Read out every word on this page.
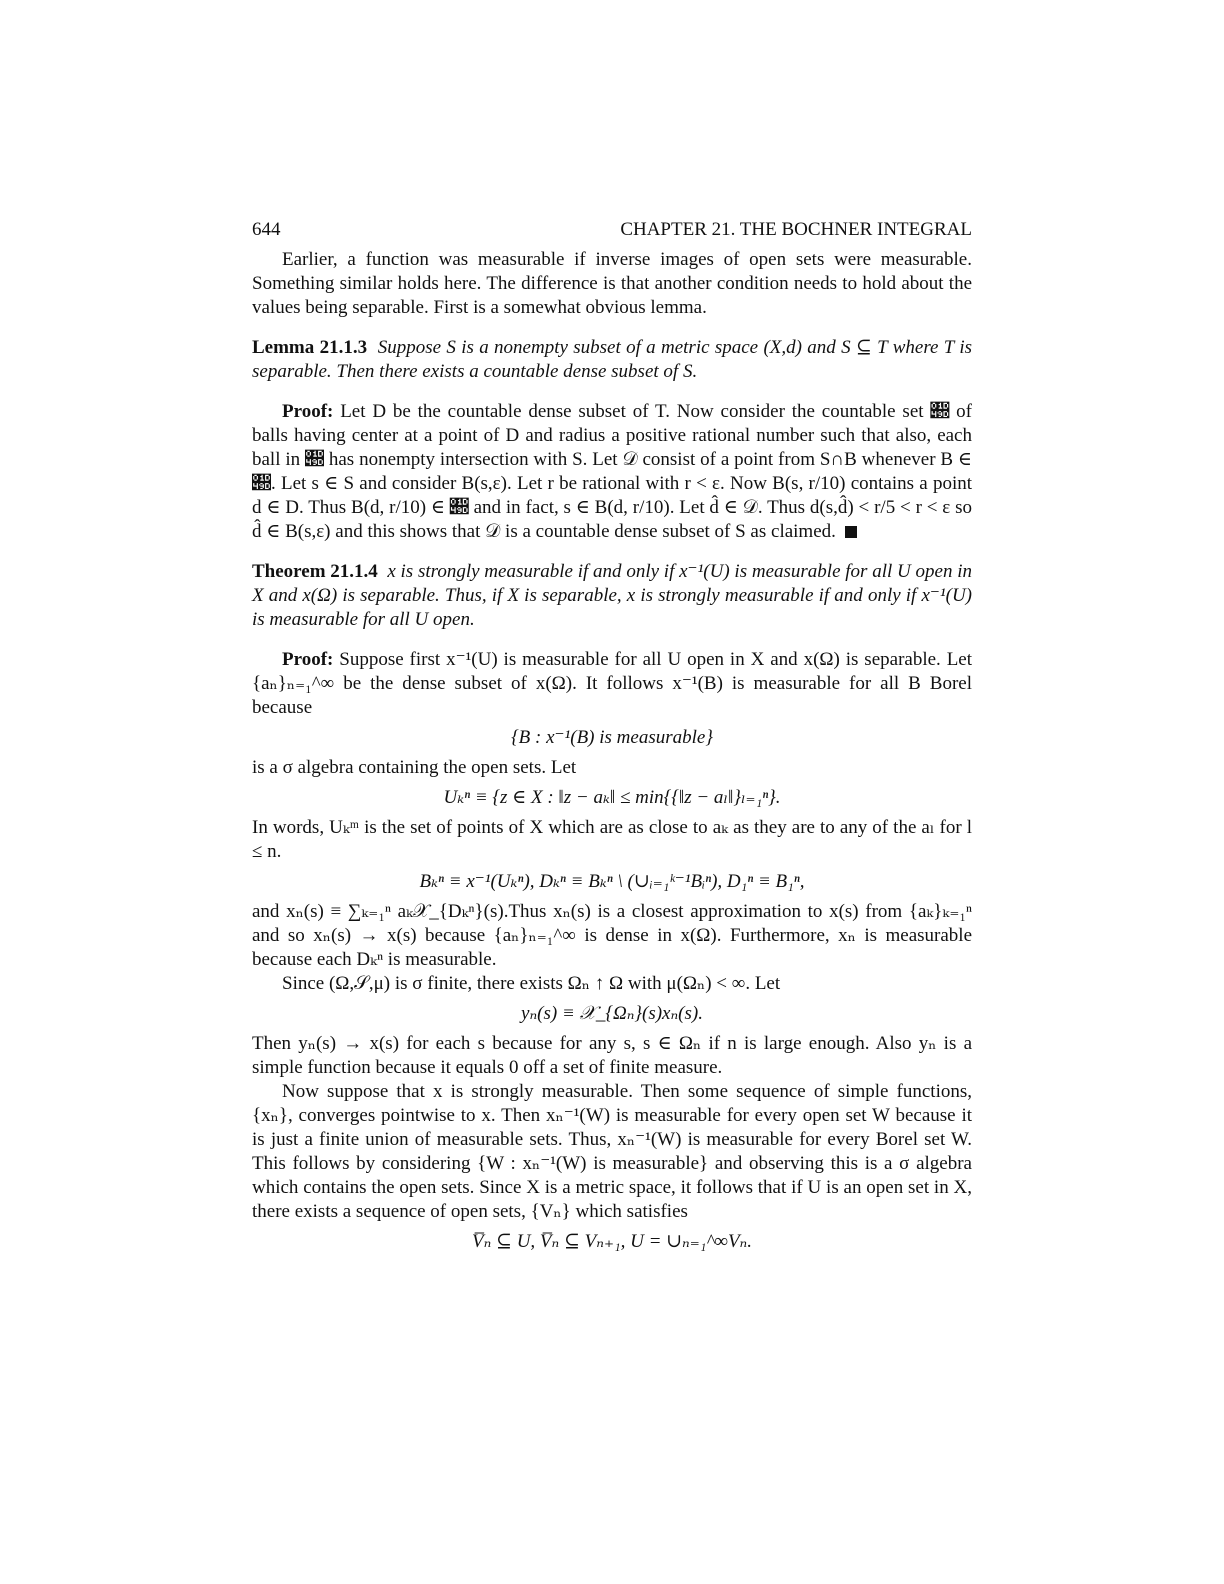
644	CHAPTER 21. THE BOCHNER INTEGRAL

Earlier, a function was measurable if inverse images of open sets were measurable. Something similar holds here. The difference is that another condition needs to hold about the values being separable. First is a somewhat obvious lemma.

Lemma 21.1.3 Suppose S is a nonempty subset of a metric space (X,d) and S ⊆ T where T is separable. Then there exists a countable dense subset of S.

Proof: Let D be the countable dense subset of T. Now consider the countable set 𝒝 of balls having center at a point of D and radius a positive rational number such that also, each ball in 𝒝 has nonempty intersection with S. Let 𝒟 consist of a point from S∩B whenever B ∈ 𝒝. Let s ∈ S and consider B(s,ε). Let r be rational with r < ε. Now B(s, r/10) contains a point d ∈ D. Thus B(d, r/10) ∈ 𝒝 and in fact, s ∈ B(d, r/10). Let d̂ ∈ 𝒟. Thus d(s,d̂) < r/5 < r < ε so d̂ ∈ B(s,ε) and this shows that 𝒟 is a countable dense subset of S as claimed.

Theorem 21.1.4 x is strongly measurable if and only if x⁻¹(U) is measurable for all U open in X and x(Ω) is separable. Thus, if X is separable, x is strongly measurable if and only if x⁻¹(U) is measurable for all U open.

Proof: Suppose first x⁻¹(U) is measurable for all U open in X and x(Ω) is separable. Let {aₙ}ₙ₌₁^∞ be the dense subset of x(Ω). It follows x⁻¹(B) is measurable for all B Borel because

{B : x⁻¹(B) is measurable}

is a σ algebra containing the open sets. Let

Uₖⁿ ≡ {z ∈ X : ‖z − aₖ‖ ≤ min{{‖z − aₗ‖}ₗ₌₁ⁿ}.

In words, Uₖᵐ is the set of points of X which are as close to aₖ as they are to any of the aₗ for l ≤ n.

Bₖⁿ ≡ x⁻¹(Uₖⁿ), Dₖⁿ ≡ Bₖⁿ \ (∪ᵢ₌₁ᵏ⁻¹Bᵢⁿ), D₁ⁿ ≡ B₁ⁿ,

and xₙ(s) ≡ ∑ₖ₌₁ⁿ aₖ𝒳_{Dₖⁿ}(s).Thus xₙ(s) is a closest approximation to x(s) from {aₖ}ₖ₌₁ⁿ and so xₙ(s) → x(s) because {aₙ}ₙ₌₁^∞ is dense in x(Ω). Furthermore, xₙ is measurable because each Dₖⁿ is measurable.

Since (Ω,𝒮,μ) is σ finite, there exists Ωₙ ↑ Ω with μ(Ωₙ) < ∞. Let

yₙ(s) ≡ 𝒳_{Ωₙ}(s)xₙ(s).

Then yₙ(s) → x(s) for each s because for any s, s ∈ Ωₙ if n is large enough. Also yₙ is a simple function because it equals 0 off a set of finite measure.

Now suppose that x is strongly measurable. Then some sequence of simple functions, {xₙ}, converges pointwise to x. Then xₙ⁻¹(W) is measurable for every open set W because it is just a finite union of measurable sets. Thus, xₙ⁻¹(W) is measurable for every Borel set W. This follows by considering {W : xₙ⁻¹(W) is measurable} and observing this is a σ algebra which contains the open sets. Since X is a metric space, it follows that if U is an open set in X, there exists a sequence of open sets, {Vₙ} which satisfies

V̅ₙ ⊆ U, V̅ₙ ⊆ Vₙ₊₁, U = ∪ₙ₌₁^∞Vₙ.
